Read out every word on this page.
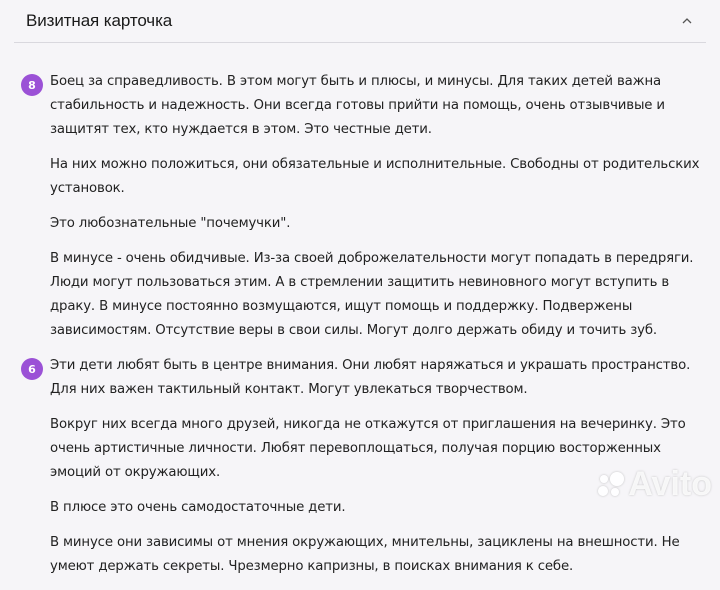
Визитная карточка
8	Боец за справедливость. В этом могут быть и плюсы, и минусы. Для таких детей важна стабильность и надежность. Они всегда готовы прийти на помощь, очень отзывчивые и защитят тех, кто нуждается в этом. Это честные дети.

На них можно положиться, они обязательные и исполнительные. Свободны от родительских установок.

Это любознательные "почемучки".

В минусе - очень обидчивые. Из-за своей доброжелательности могут попадать в передряги. Люди могут пользоваться этим. А в стремлении защитить невиновного могут вступить в драку. В минусе постоянно возмущаются, ищут помощь и поддержку. Подвержены зависимостям. Отсутствие веры в свои силы. Могут долго держать обиду и точить зуб.

6	Эти дети любят быть в центре внимания. Они любят наряжаться и украшать пространство. Для них важен тактильный контакт. Могут увлекаться творчеством.

Вокруг них всегда много друзей, никогда не откажутся от приглашения на вечеринку. Это очень артистичные личности. Любят перевоплощаться, получая порцию восторженных эмоций от окружающих.

В плюсе это очень самодостаточные дети.

В минусе они зависимы от мнения окружающих, мнительны, зациклены на внешности. Не умеют держать секреты. Чрезмерно капризны, в поисках внимания к себе.

Avito
